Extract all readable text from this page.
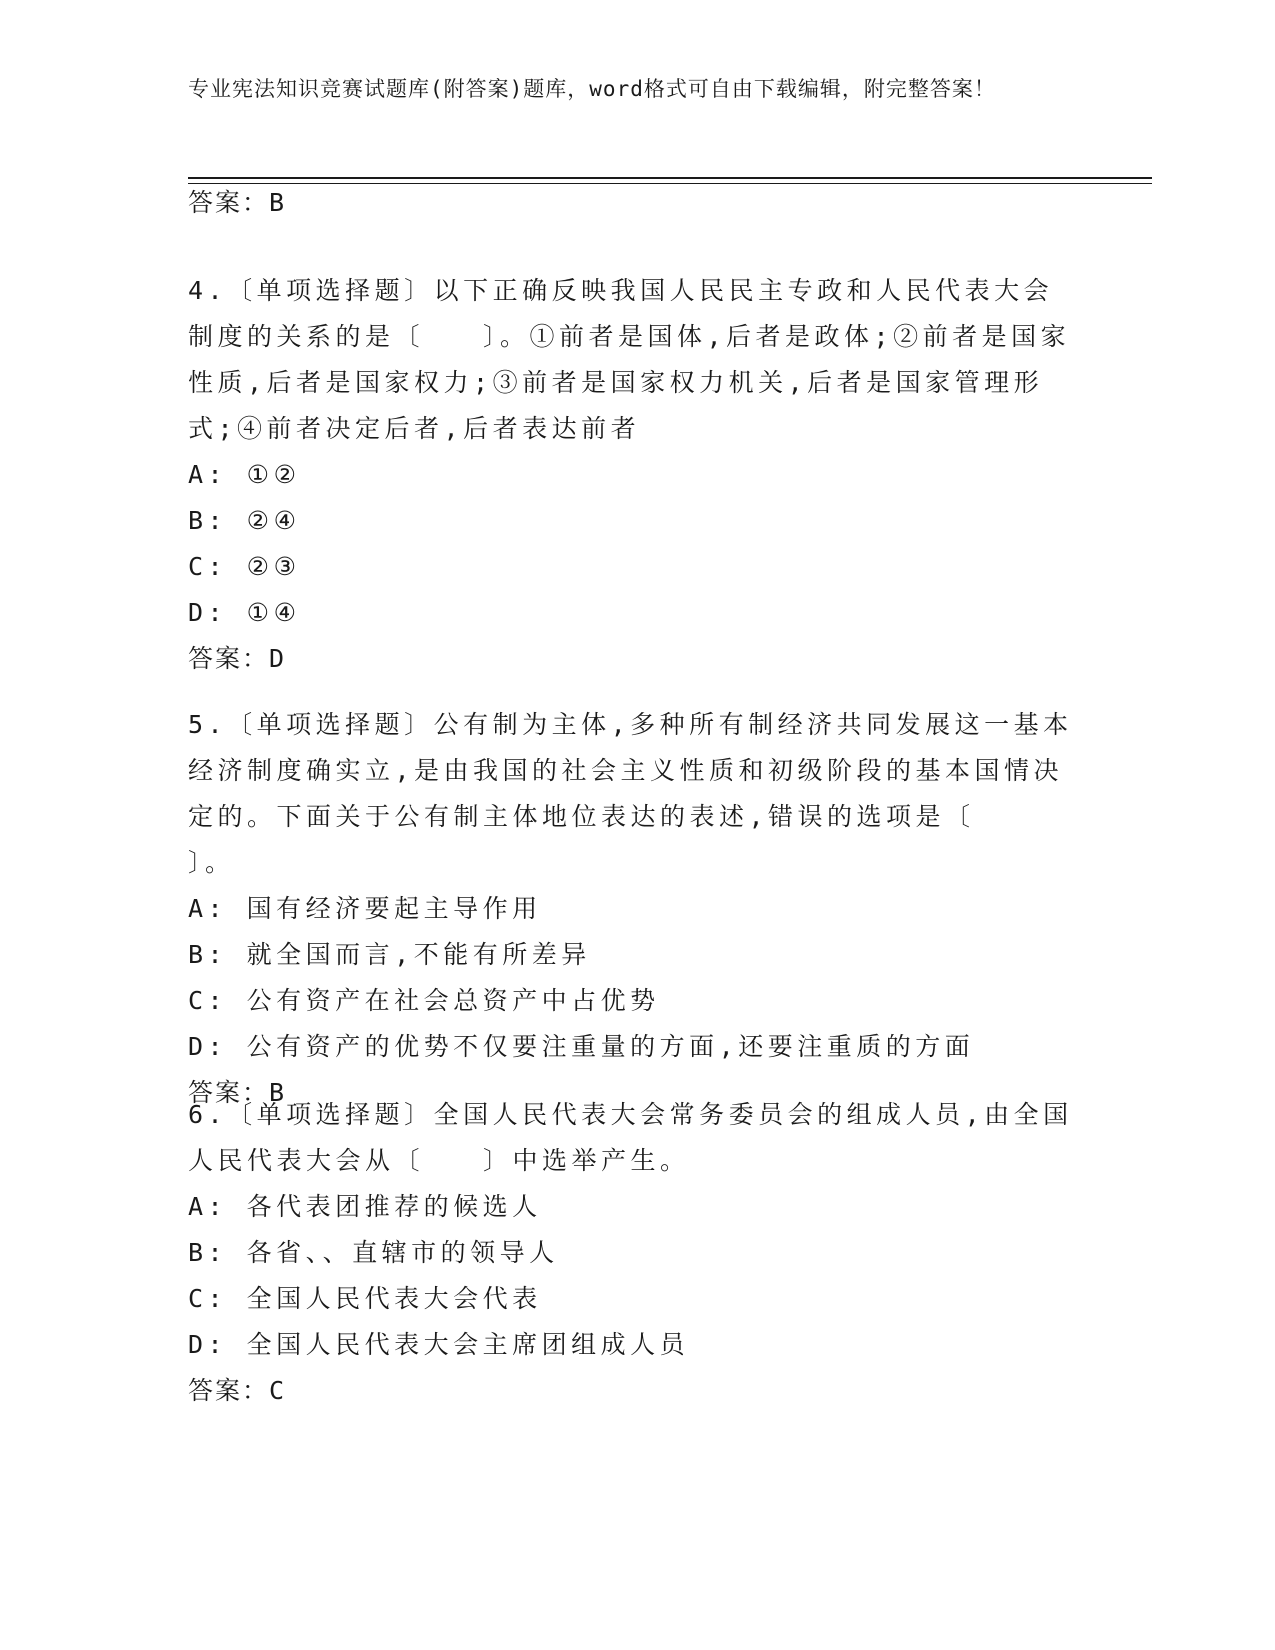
专业宪法知识竞赛试题库(附答案)题库，word格式可自由下载编辑，附完整答案！
答案：B

4.〔单项选择题〕以下正确反映我国人民民主专政和人民代表大会制度的关系的是〔　　〕。①前者是国体,后者是政体;②前者是国家性质,后者是国家权力;③前者是国家权力机关,后者是国家管理形式;④前者决定后者,后者表达前者

A: ①②

B: ②④

C: ②③

D: ①④

答案：D

5.〔单项选择题〕公有制为主体,多种所有制经济共同发展这一基本经济制度确实立,是由我国的社会主义性质和初级阶段的基本国情决定的。下面关于公有制主体地位表达的表述,错误的选项是〔　　〕。

A: 国有经济要起主导作用

B: 就全国而言,不能有所差异

C: 公有资产在社会总资产中占优势

D: 公有资产的优势不仅要注重量的方面,还要注重质的方面

答案：B

6.〔单项选择题〕全国人民代表大会常务委员会的组成人员,由全国人民代表大会从〔　　〕中选举产生。

A: 各代表团推荐的候选人

B: 各省、、直辖市的领导人

C: 全国人民代表大会代表

D: 全国人民代表大会主席团组成人员

答案：C
